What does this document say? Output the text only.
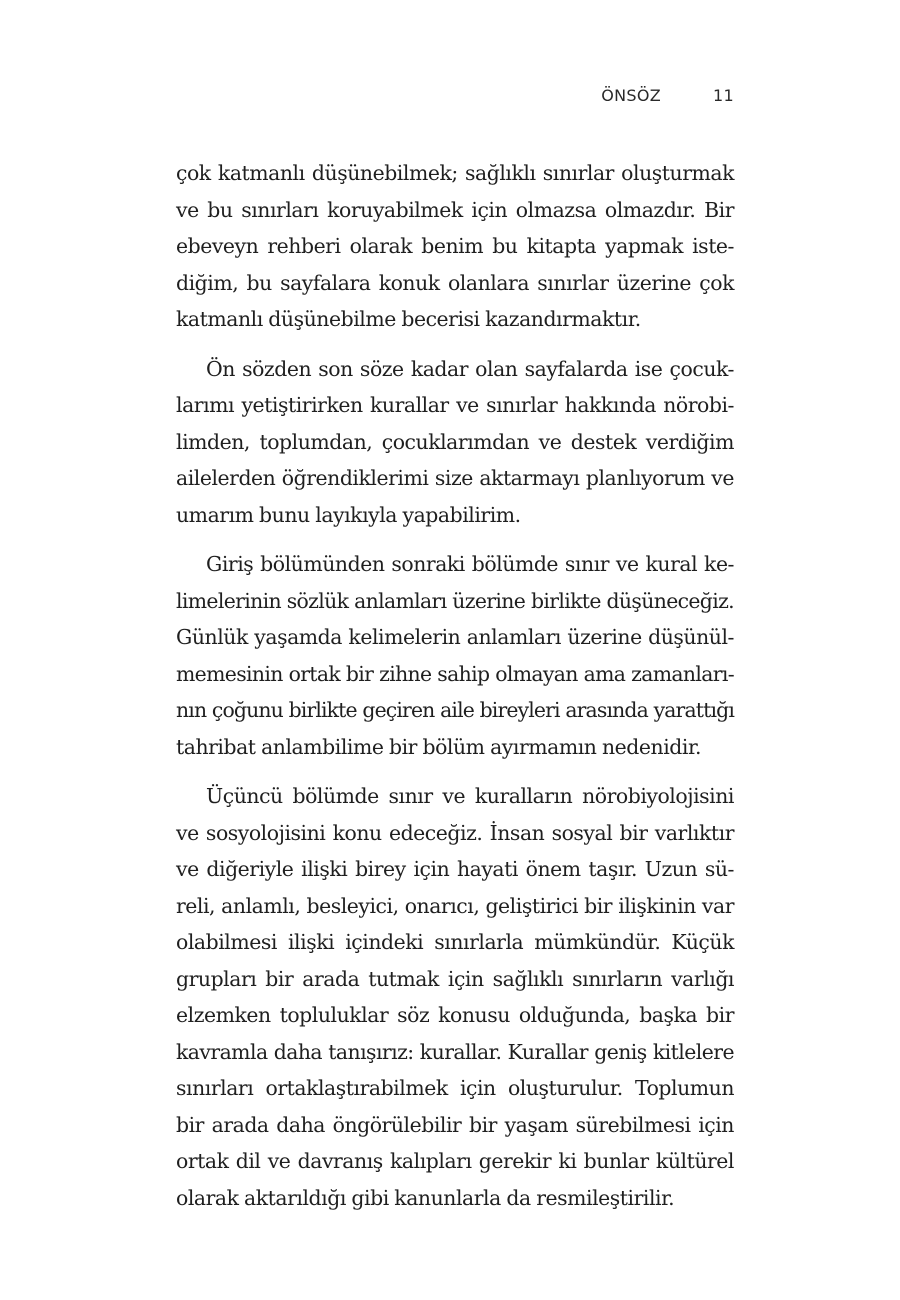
ÖNSÖZ	11

çok katmanlı düşünebilmek; sağlıklı sınırlar oluşturmak
ve bu sınırları koruyabilmek için olmazsa olmazdır. Bir
ebeveyn rehberi olarak benim bu kitapta yapmak iste-
diğim, bu sayfalara konuk olanlara sınırlar üzerine çok
katmanlı düşünebilme becerisi kazandırmaktır.

Ön sözden son söze kadar olan sayfalarda ise çocuk-
larımı yetiştirirken kurallar ve sınırlar hakkında nörobi-
limden, toplumdan, çocuklarımdan ve destek verdiğim
ailelerden öğrendiklerimi size aktarmayı planlıyorum ve
umarım bunu layıkıyla yapabilirim.

Giriş bölümünden sonraki bölümde sınır ve kural ke-
limelerinin sözlük anlamları üzerine birlikte düşüneceğiz.
Günlük yaşamda kelimelerin anlamları üzerine düşünül-
memesinin ortak bir zihne sahip olmayan ama zamanları-
nın çoğunu birlikte geçiren aile bireyleri arasında yarattığı
tahribat anlambilime bir bölüm ayırmamın nedenidir.

Üçüncü bölümde sınır ve kuralların nörobiyolojisini
ve sosyolojisini konu edeceğiz. İnsan sosyal bir varlıktır
ve diğeriyle ilişki birey için hayati önem taşır. Uzun sü-
reli, anlamlı, besleyici, onarıcı, geliştirici bir ilişkinin var
olabilmesi ilişki içindeki sınırlarla mümkündür. Küçük
grupları bir arada tutmak için sağlıklı sınırların varlığı
elzemken topluluklar söz konusu olduğunda, başka bir
kavramla daha tanışırız: kurallar. Kurallar geniş kitlelere
sınırları ortaklaştırabilmek için oluşturulur. Toplumun
bir arada daha öngörülebilir bir yaşam sürebilmesi için
ortak dil ve davranış kalıpları gerekir ki bunlar kültürel
olarak aktarıldığı gibi kanunlarla da resmileştirilir.
